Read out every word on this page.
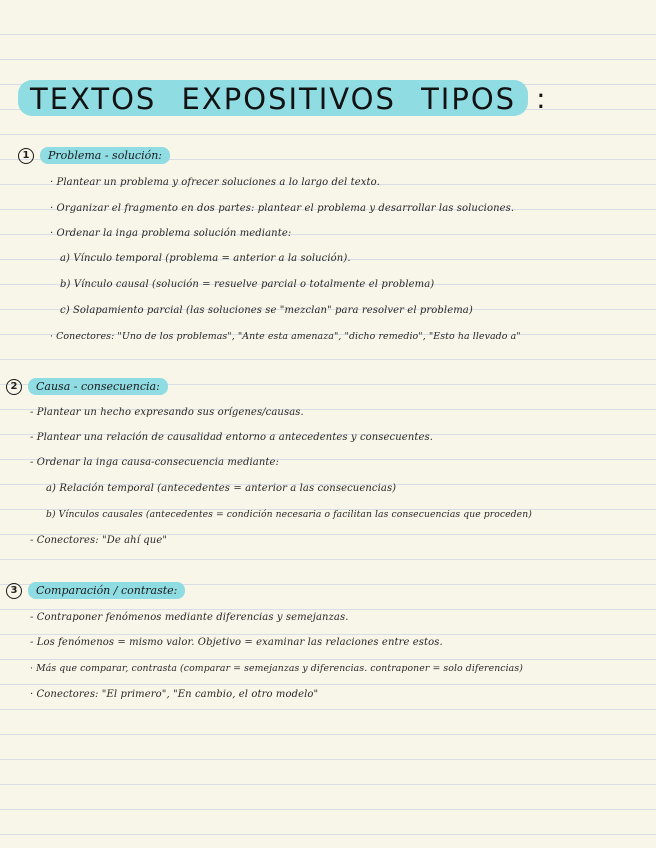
TEXTOS EXPOSITIVOS TIPOS :
1	Problema - solución:
· Plantear un problema y ofrecer soluciones a lo largo del texto.
· Organizar el fragmento en dos partes: plantear el problema y desarrollar las soluciones.
· Ordenar la inga problema solución mediante:
a) Vínculo temporal (problema = anterior a la solución).
b) Vínculo causal (solución = resuelve parcial o totalmente el problema)
c) Solapamiento parcial (las soluciones se "mezclan" para resolver el problema)
· Conectores: "Uno de los problemas", "Ante esta amenaza", "dicho remedio", "Esto ha llevado a"
2	Causa - consecuencia:
- Plantear un hecho expresando sus orígenes/causas.
- Plantear una relación de causalidad entorno a antecedentes y consecuentes.
- Ordenar la inga causa-consecuencia mediante:
a) Relación temporal (antecedentes = anterior a las consecuencias)
b) Vínculos causales (antecedentes = condición necesaria o facilitan las consecuencias que proceden)
- Conectores: "De ahí que"
3	Comparación / contraste:
- Contraponer fenómenos mediante diferencias y semejanzas.
- Los fenómenos = mismo valor. Objetivo = examinar las relaciones entre estos.
· Más que comparar, contrasta (comparar = semejanzas y diferencias. contraponer = solo diferencias)
· Conectores: "El primero", "En cambio, el otro modelo"
